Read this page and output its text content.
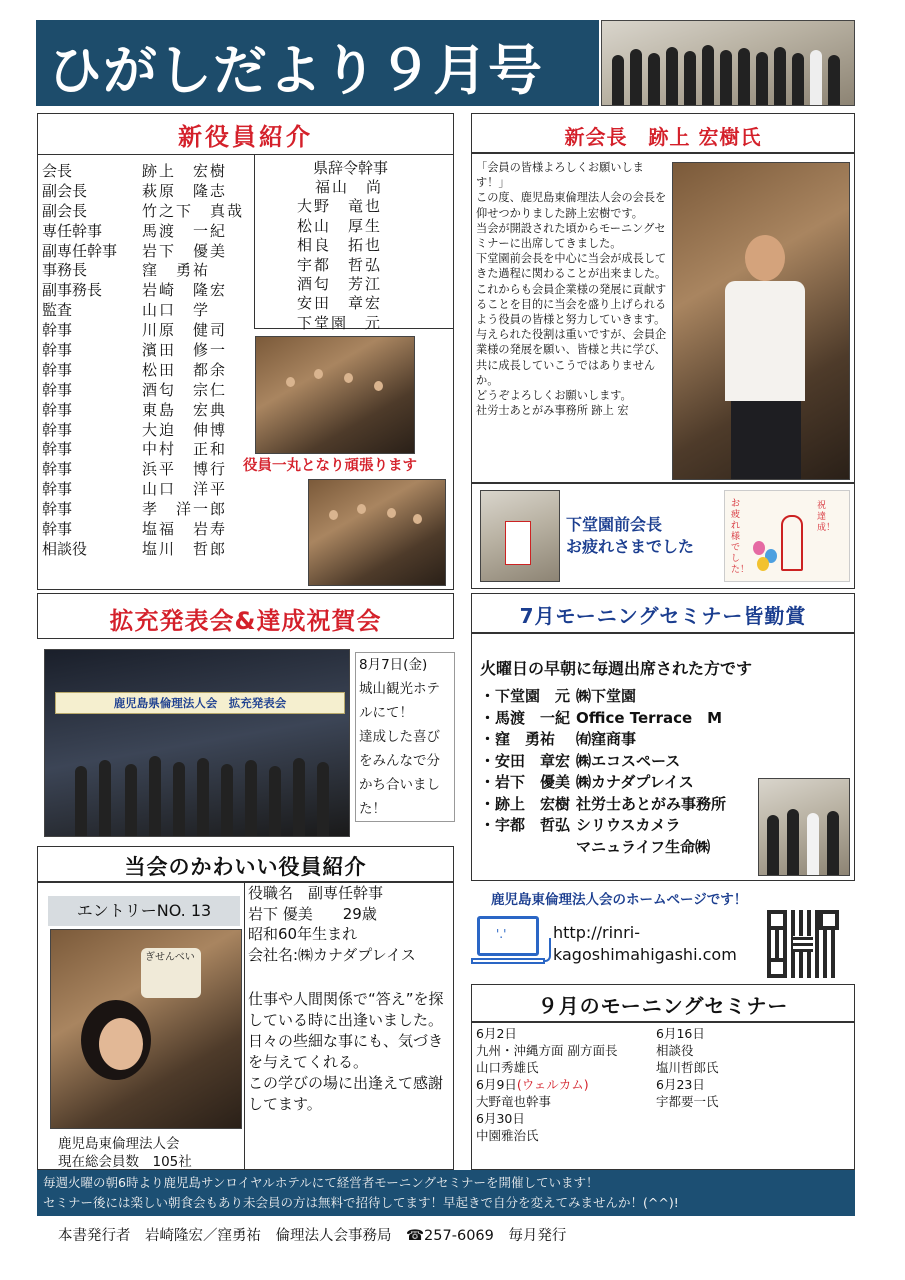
ひがしだより９月号
新役員紹介
会長	跡上　宏樹
副会長	萩原　隆志
副会長	竹之下　真哉
専任幹事	馬渡　一紀
副専任幹事	岩下　優美
事務長	窪　勇祐
副事務長	岩崎　隆宏
監査	山口　学
幹事	川原　健司
幹事	濱田　修一
幹事	松田　都余
幹事	酒匂　宗仁
幹事	東島　宏典
幹事	大迫　伸博
幹事	中村　正和
幹事	浜平　博行
幹事	山口　洋平
幹事	孝　洋一郎
幹事	塩福　岩寿
相談役	塩川　哲郎
県辞令幹事
福山　尚
大野　竜也
松山　厚生
相良　拓也
宇都　哲弘
酒匂　芳江
安田　章宏
下堂園　元
役員一丸となり頑張ります
新会長　跡上 宏樹氏
「会員の皆様よろしくお願いします！」
この度、鹿児島東倫理法人会の会長を仰せつかりました跡上宏樹です。
当会が開設された頃からモーニングセミナーに出席してきました。
下堂園前会長を中心に当会が成長してきた過程に関わることが出来ました。
これからも会員企業様の発展に貢献することを目的に当会を盛り上げられるよう役員の皆様と努力していきます。
与えられた役割は重いですが、会員企業様の発展を願い、皆様と共に学び、共に成長していこうではありませんか。
どうぞよろしくお願いします。
社労士あとがみ事務所 跡上 宏
下堂園前会長
お疲れさまでした
お疲れ様でした！
祝　達成！
拡充発表会&達成祝賀会
鹿児島県倫理法人会　拡充発表会
8月7日(金)
城山観光ホテルにて！
達成した喜びをみんなで分かち合いました！
7月モーニングセミナー皆勤賞
火曜日の早朝に毎週出席された方です
・下堂園　元 ㈱下堂園
・馬渡　一紀 Office Terrace　M
・窪　勇祐	㈲窪商事
・安田　章宏 ㈱エコスペース
・岩下　優美 ㈱カナダプレイス
・跡上　宏樹 社労士あとがみ事務所
・宇都　哲弘 シリウスカメラ
マニュライフ生命㈱
当会のかわいい役員紹介
エントリーNO. 13
ぎせんべい
鹿児島東倫理法人会
現在総会員数　105社
役職名　副専任幹事
岩下 優美　　29歳
昭和60年生まれ
会社名:㈱カナダプレイス
仕事や人間関係で“答え”を探している時に出逢いました。
日々の些細な事にも、気づきを与えてくれる。
この学びの場に出逢えて感謝してます。
鹿児島東倫理法人会のホームページです！
'.'	http://rinri-
kagoshimahigashi.com
９月のモーニングセミナー
6月2日
九州・沖縄方面 副方面長
山口秀雄氏
6月9日(ウェルカム)
大野竜也幹事
6月30日
中園雅治氏
6月16日
相談役
塩川哲郎氏
6月23日
宇都要一氏
毎週火曜の朝6時より鹿児島サンロイヤルホテルにて経営者モーニングセミナーを開催しています！
セミナー後には楽しい朝食会もあり未会員の方は無料で招待してます！早起きで自分を変えてみませんか！(^^)!
本書発行者　岩崎隆宏／窪勇祐　倫理法人会事務局　☎257-6069　毎月発行
